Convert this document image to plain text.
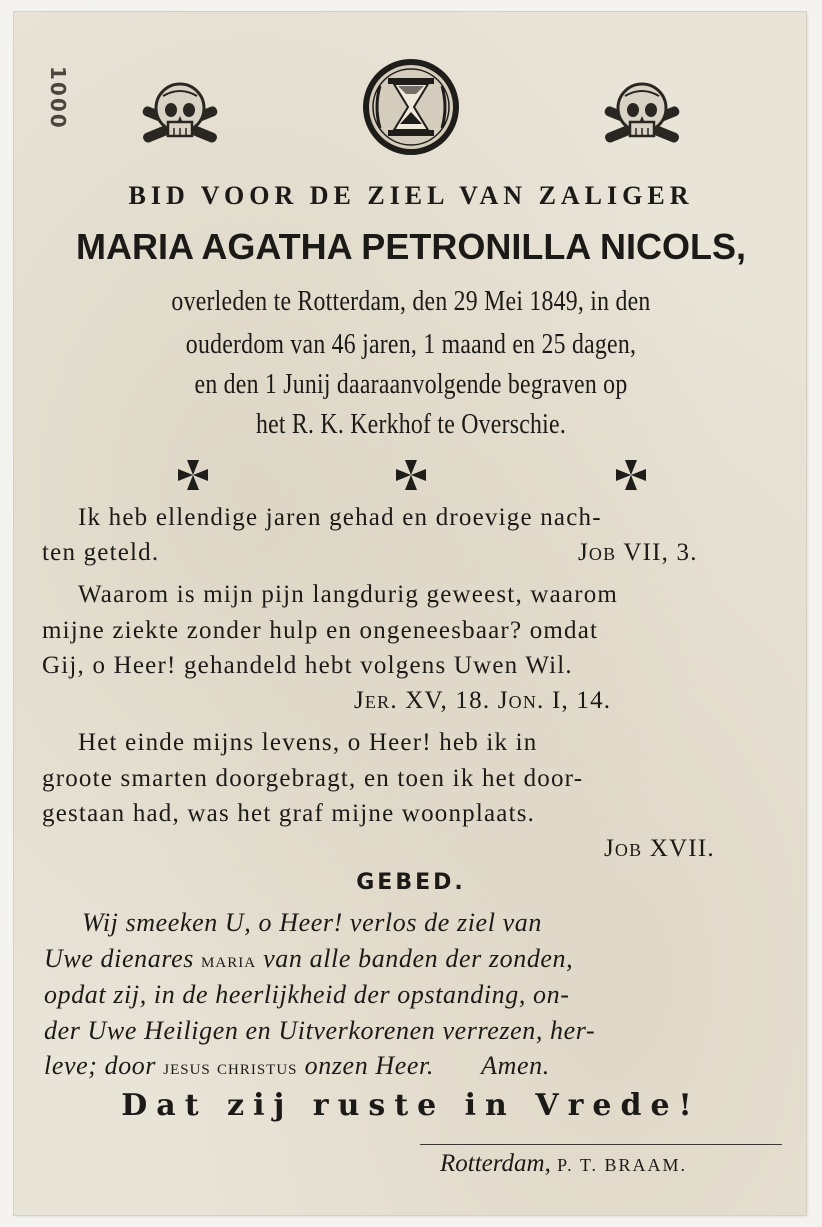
1000
BID VOOR DE ZIEL VAN ZALIGER
MARIA AGATHA PETRONILLA NICOLS,
overleden te Rotterdam, den 29 Mei 1849, in den
ouderdom van 46 jaren, 1 maand en 25 dagen,
en den 1 Junij daaraanvolgende begraven op
het R. K. Kerkhof te Overschie.
Ik heb ellendige jaren gehad en droevige nach-
ten geteld.	Job VII, 3.
Waarom is mijn pijn langdurig geweest, waarom
mijne ziekte zonder hulp en ongeneesbaar? omdat
Gij, o Heer! gehandeld hebt volgens Uwen Wil.
Jer. XV, 18. Jon. I, 14.
Het einde mijns levens, o Heer! heb ik in
groote smarten doorgebragt, en toen ik het door-
gestaan had, was het graf mijne woonplaats.
Job XVII.
GEBED.
Wij smeeken U, o Heer! verlos de ziel van
Uwe dienares maria van alle banden der zonden,
opdat zij, in de heerlijkheid der opstanding, on-
der Uwe Heiligen en Uitverkorenen verrezen, her-
leve; door jesus christus onzen Heer. Amen.
Dat zij ruste in Vrede!
Rotterdam, P. T. BRAAM.
